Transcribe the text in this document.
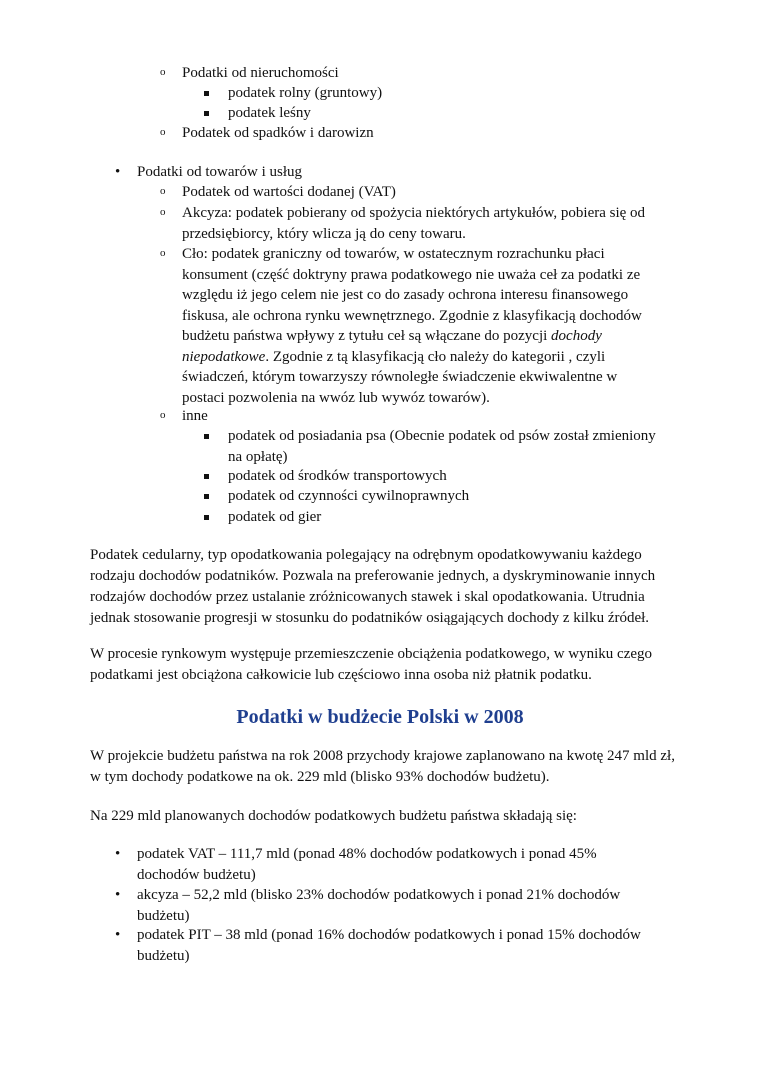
o Podatki od nieruchomości
podatek rolny (gruntowy)
podatek leśny
o Podatek od spadków i darowizn
• Podatki od towarów i usług
o Podatek od wartości dodanej (VAT)
o Akcyza: podatek pobierany od spożycia niektórych artykułów, pobiera się od przedsiębiorcy, który wlicza ją do ceny towaru.
o Cło: podatek graniczny od towarów, w ostatecznym rozrachunku płaci konsument (część doktryny prawa podatkowego nie uważa ceł za podatki ze względu iż jego celem nie jest co do zasady ochrona interesu finansowego fiskusa, ale ochrona rynku wewnętrznego. Zgodnie z klasyfikacją dochodów budżetu państwa wpływy z tytułu ceł są włączane do pozycji dochody niepodatkowe. Zgodnie z tą klasyfikacją cło należy do kategorii , czyli świadczeń, którym towarzyszy równoległe świadczenie ekwiwalentne w postaci pozwolenia na wwóz lub wywóz towarów).
o inne
podatek od posiadania psa (Obecnie podatek od psów został zmieniony na opłatę)
podatek od środków transportowych
podatek od czynności cywilnoprawnych
podatek od gier

Podatek cedularny, typ opodatkowania polegający na odrębnym opodatkowywaniu każdego rodzaju dochodów podatników. Pozwala na preferowanie jednych, a dyskryminowanie innych rodzajów dochodów przez ustalanie zróżnicowanych stawek i skal opodatkowania. Utrudnia jednak stosowanie progresji w stosunku do podatników osiągających dochody z kilku źródeł.

W procesie rynkowym występuje przemieszczenie obciążenia podatkowego, w wyniku czego podatkami jest obciążona całkowicie lub częściowo inna osoba niż płatnik podatku.

Podatki w budżecie Polski w 2008

W projekcie budżetu państwa na rok 2008 przychody krajowe zaplanowano na kwotę 247 mld zł, w tym dochody podatkowe na ok. 229 mld (blisko 93% dochodów budżetu).

Na 229 mld planowanych dochodów podatkowych budżetu państwa składają się:

• podatek VAT – 111,7 mld (ponad 48% dochodów podatkowych i ponad 45% dochodów budżetu)
• akcyza – 52,2 mld (blisko 23% dochodów podatkowych i ponad 21% dochodów budżetu)
• podatek PIT – 38 mld (ponad 16% dochodów podatkowych i ponad 15% dochodów budżetu)
